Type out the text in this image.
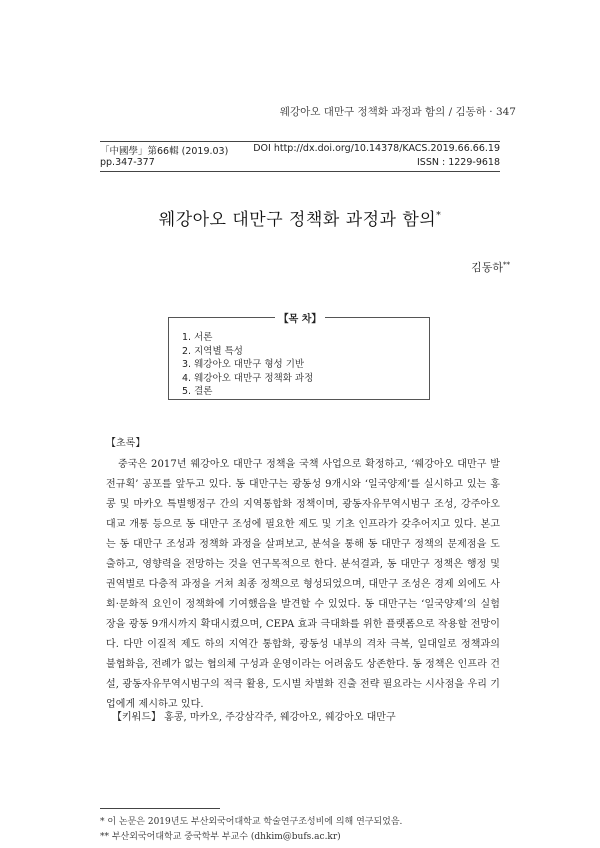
웨강아오 대만구 정책화 과정과 함의 / 김동하 · 347
「中國學」第66輯 (2019.03)	DOI http://dx.doi.org/10.14378/KACS.2019.66.66.19
pp.347-377	ISSN : 1229-9618
웨강아오 대만구 정책화 과정과 함의*
김동하**
【목 차】
1. 서론
2. 지역별 특성
3. 웨강아오 대만구 형성 기반
4. 웨강아오 대만구 정책화 과정
5. 결론
【초록】

중국은 2017년 웨강아오 대만구 정책을 국책 사업으로 확정하고, ‘웨강아오 대만구 발전규획’ 공포를 앞두고 있다. 동 대만구는 광동성 9개시와 ‘일국양제’를 실시하고 있는 홍콩 및 마카오 특별행정구 간의 지역통합화 정책이며, 광동자유무역시범구 조성, 강주아오 대교 개통 등으로 동 대만구 조성에 필요한 제도 및 기초 인프라가 갖추어지고 있다. 본고는 동 대만구 조성과 정책화 과정을 살펴보고, 분석을 통해 동 대만구 정책의 문제점을 도출하고, 영향력을 전망하는 것을 연구목적으로 한다. 분석결과, 동 대만구 정책은 행정 및 권역별로 다층적 과정을 거쳐 최종 정책으로 형성되었으며, 대만구 조성은 경제 외에도 사회·문화적 요인이 정책화에 기여했음을 발견할 수 있었다. 동 대만구는 ‘일국양제’의 실험장을 광동 9개시까지 확대시켰으며, CEPA 효과 극대화를 위한 플랫폼으로 작용할 전망이다. 다만 이질적 제도 하의 지역간 통합화, 광동성 내부의 격차 극복, 일대일로 정책과의 불협화음, 전례가 없는 협의체 구성과 운영이라는 어려움도 상존한다. 동 정책은 인프라 건설, 광동자유무역시범구의 적극 활용, 도시별 차별화 진출 전략 필요라는 시사점을 우리 기업에게 제시하고 있다.

【키워드】 홍콩, 마카오, 주강삼각주, 웨강아오, 웨강아오 대만구
* 이 논문은 2019년도 부산외국어대학교 학술연구조성비에 의해 연구되었음.
** 부산외국어대학교 중국학부 부교수 (dhkim@bufs.ac.kr)
